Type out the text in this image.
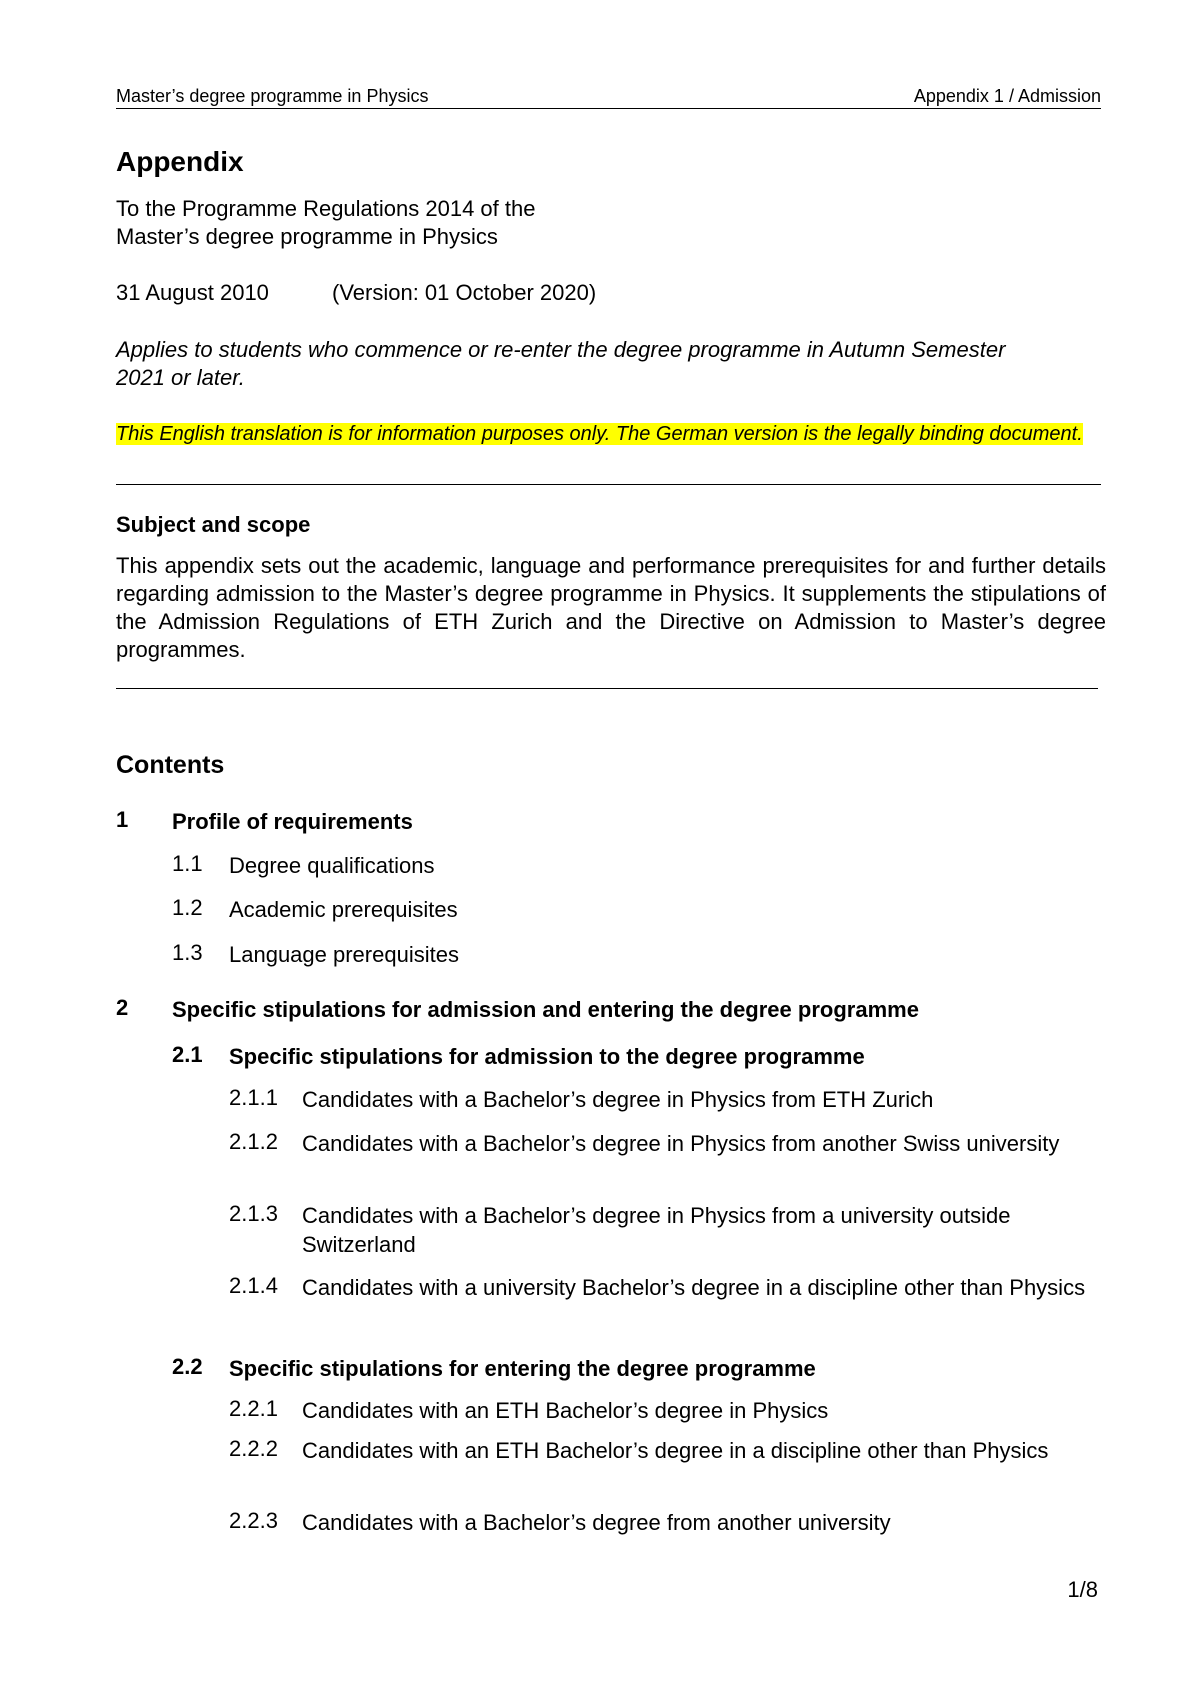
Master’s degree programme in Physics	Appendix 1 / Admission
Appendix
To the Programme Regulations 2014 of the
Master’s degree programme in Physics
31 August 2010	(Version: 01 October 2020)
Applies to students who commence or re-enter the degree programme in Autumn Semester 2021 or later.
This English translation is for information purposes only. The German version is the legally binding document.
Subject and scope
This appendix sets out the academic, language and performance prerequisites for and further details regarding admission to the Master’s degree programme in Physics. It supplements the stipulations of the Admission Regulations of ETH Zurich and the Directive on Admission to Master’s degree programmes.
Contents
1 Profile of requirements
1.1 Degree qualifications
1.2 Academic prerequisites
1.3 Language prerequisites
2 Specific stipulations for admission and entering the degree programme
2.1 Specific stipulations for admission to the degree programme
2.1.1 Candidates with a Bachelor’s degree in Physics from ETH Zurich
2.1.2 Candidates with a Bachelor’s degree in Physics from another Swiss university
2.1.3 Candidates with a Bachelor’s degree in Physics from a university outside Switzerland
2.1.4 Candidates with a university Bachelor’s degree in a discipline other than Physics
2.2 Specific stipulations for entering the degree programme
2.2.1 Candidates with an ETH Bachelor’s degree in Physics
2.2.2 Candidates with an ETH Bachelor’s degree in a discipline other than Physics
2.2.3 Candidates with a Bachelor’s degree from another university
1/8
